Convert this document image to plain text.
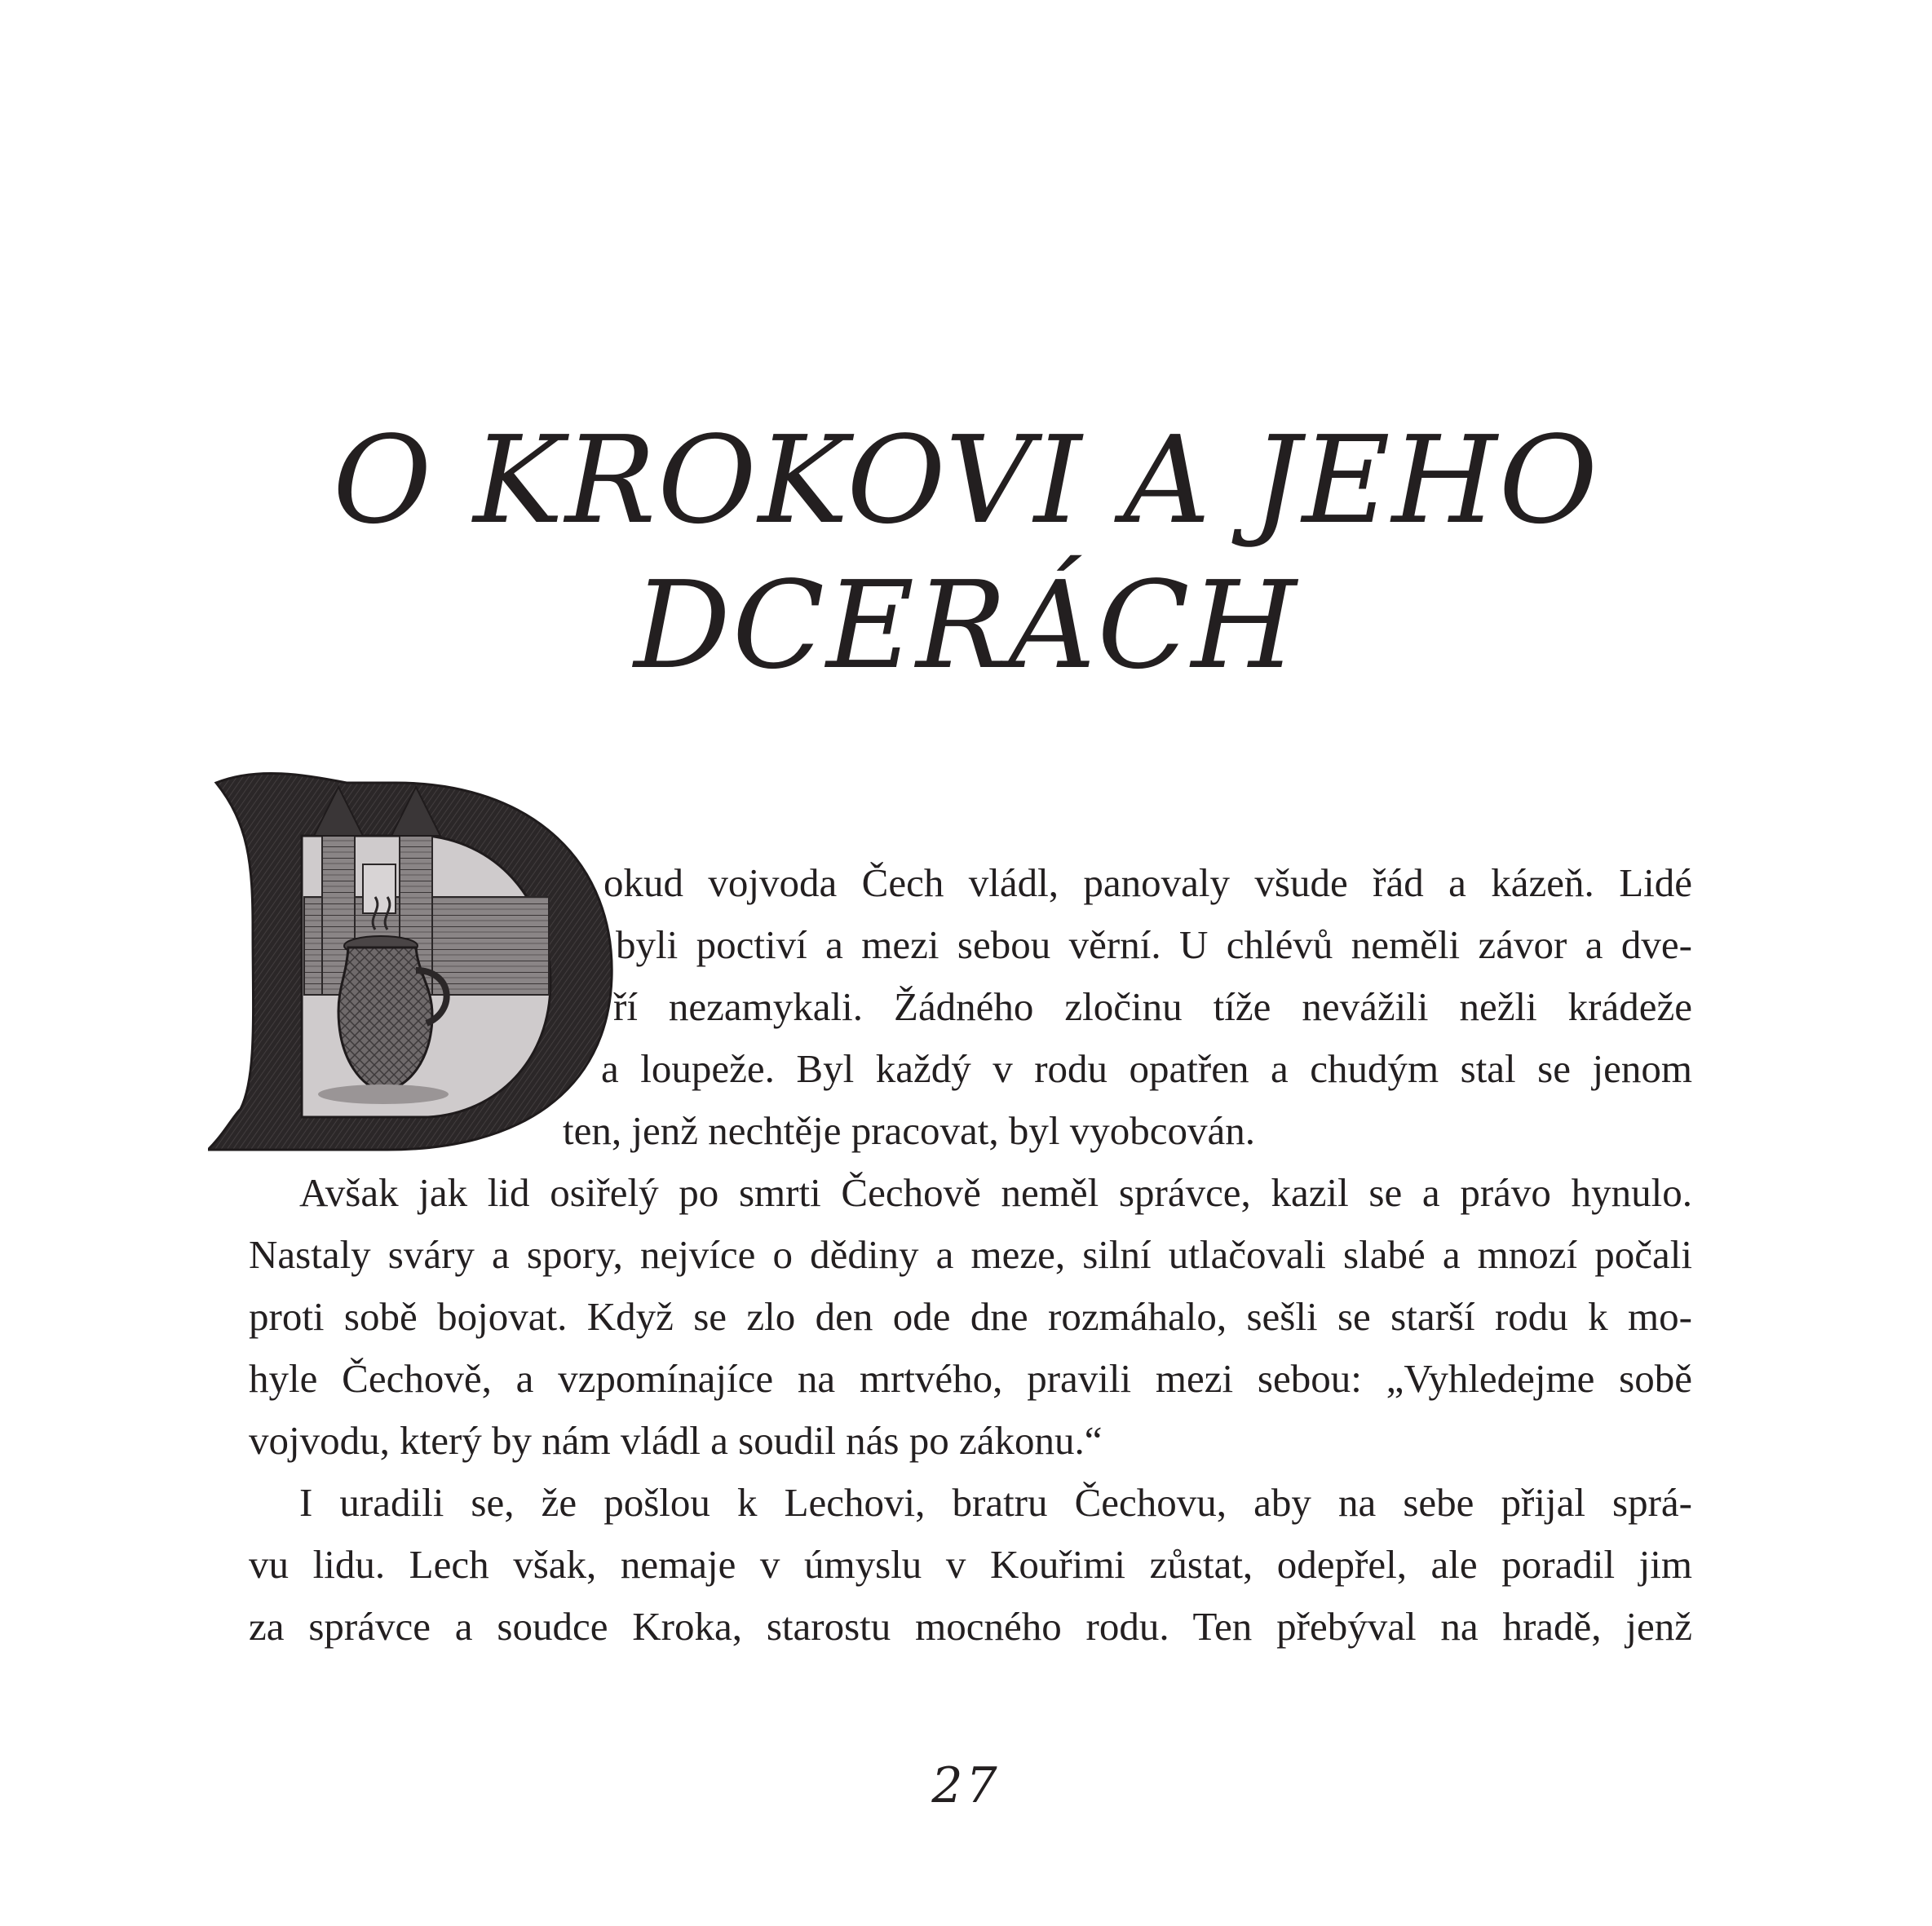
O KROKOVI A JEHO
DCERÁCH
okud vojvoda Čech vládl, panovaly všude řád a kázeň. Lidé
byli poctiví a mezi sebou věrní. U chlévů neměli závor a dve-
ří nezamykali. Žádného zločinu tíže nevážili nežli krádeže
a loupeže. Byl každý v rodu opatřen a chudým stal se jenom
ten, jenž nechtěje pracovat, byl vyobcován.
Avšak jak lid osiřelý po smrti Čechově neměl správce, kazil se a právo hynulo.
Nastaly sváry a spory, nejvíce o dědiny a meze, silní utlačovali slabé a mnozí počali
proti sobě bojovat. Když se zlo den ode dne rozmáhalo, sešli se starší rodu k mo-
hyle Čechově, a vzpomínajíce na mrtvého, pravili mezi sebou: „Vyhledejme sobě
vojvodu, který by nám vládl a soudil nás po zákonu.“
I uradili se, že pošlou k Lechovi, bratru Čechovu, aby na sebe přijal sprá-
vu lidu. Lech však, nemaje v úmyslu v Kouřimi zůstat, odepřel, ale poradil jim
za správce a soudce Kroka, starostu mocného rodu. Ten přebýval na hradě, jenž
27
